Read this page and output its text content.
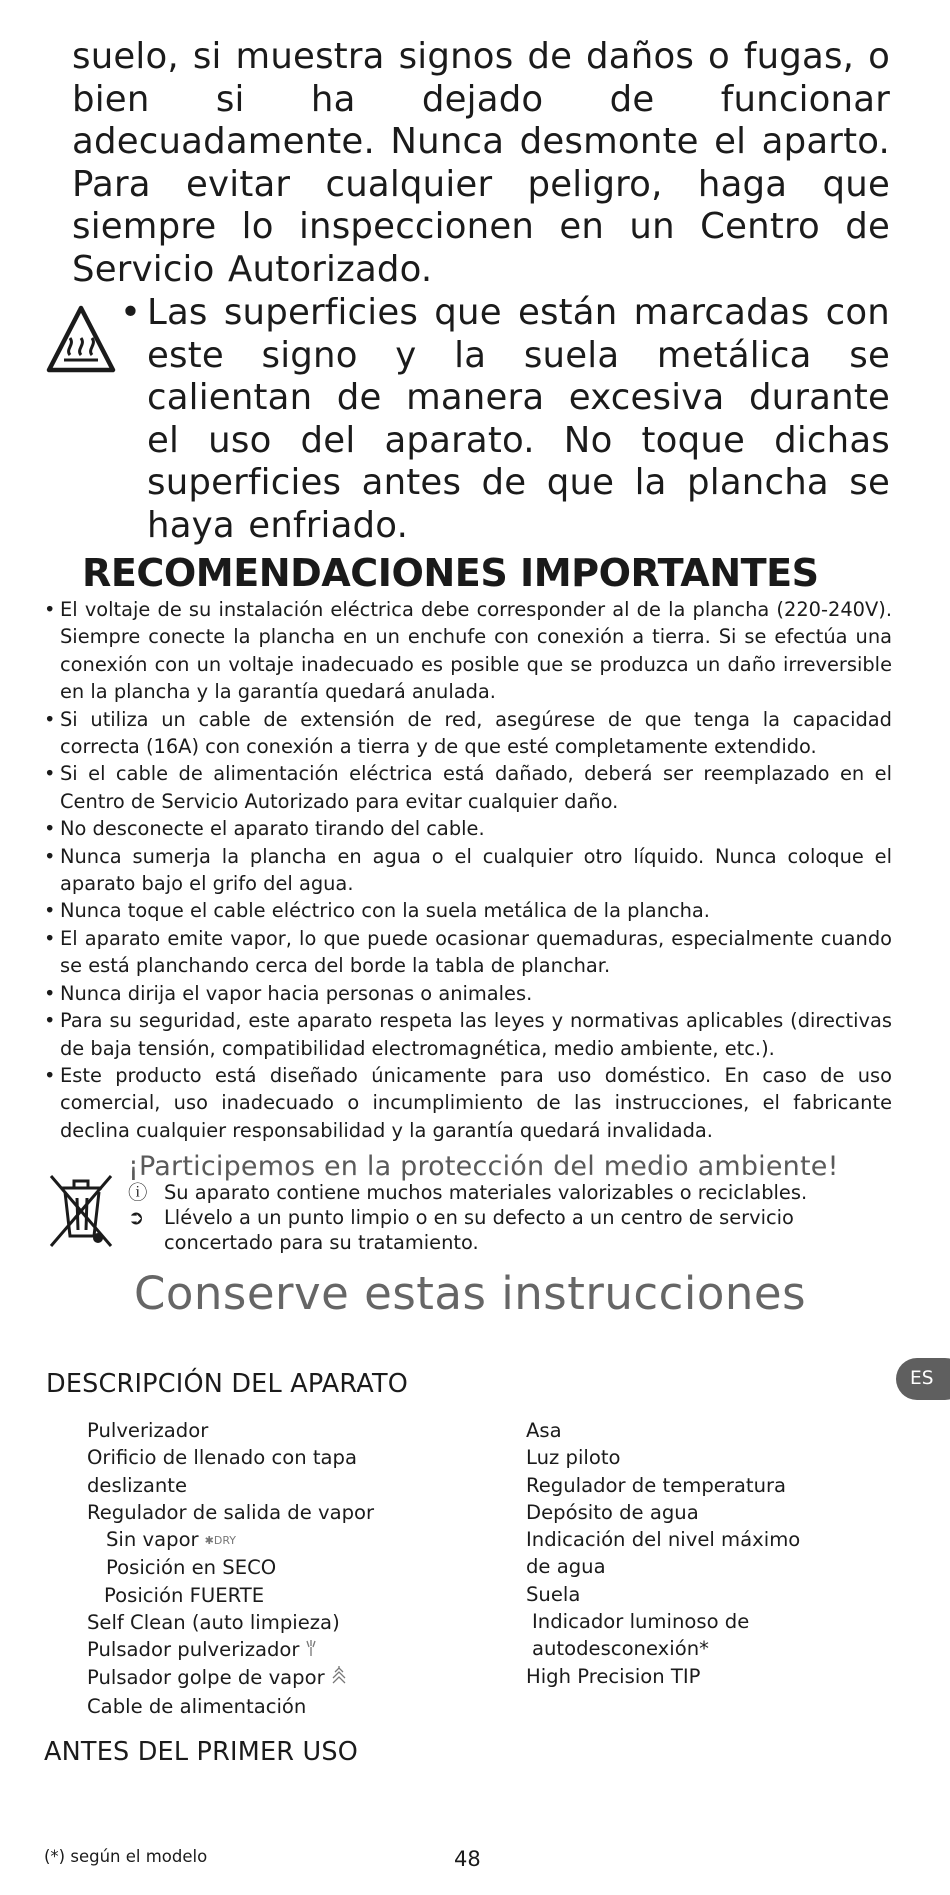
suelo, si muestra signos de daños o fugas, o bien si ha dejado de funcionar adecuadamente. Nunca desmonte el aparto. Para evitar cualquier peligro, haga que siempre lo inspeccionen en un Centro de Servicio Autorizado.
• Las superficies que están marcadas con este signo y la suela metálica se calientan de manera excesiva durante el uso del aparato. No toque dichas superficies antes de que la plancha se haya enfriado.
RECOMENDACIONES IMPORTANTES
• El voltaje de su instalación eléctrica debe corresponder al de la plancha (220-240V). Siempre conecte la plancha en un enchufe con conexión a tierra. Si se efectúa una conexión con un voltaje inadecuado es posible que se produzca un daño irreversible en la plancha y la garantía quedará anulada.
• Si utiliza un cable de extensión de red, asegúrese de que tenga la capacidad correcta (16A) con conexión a tierra y de que esté completamente extendido.
• Si el cable de alimentación eléctrica está dañado, deberá ser reemplazado en el Centro de Servicio Autorizado para evitar cualquier daño.
• No desconecte el aparato tirando del cable.
• Nunca sumerja la plancha en agua o el cualquier otro líquido. Nunca coloque el aparato bajo el grifo del agua.
• Nunca toque el cable eléctrico con la suela metálica de la plancha.
• El aparato emite vapor, lo que puede ocasionar quemaduras, especialmente cuando se está planchando cerca del borde la tabla de planchar.
• Nunca dirija el vapor hacia personas o animales.
• Para su seguridad, este aparato respeta las leyes y normativas aplicables (directivas de baja tensión, compatibilidad electromagnética, medio ambiente, etc.).
• Este producto está diseñado únicamente para uso doméstico. En caso de uso comercial, uso inadecuado o incumplimiento de las instrucciones, el fabricante declina cualquier responsabilidad y la garantía quedará invalidada.
¡Participemos en la protección del medio ambiente!
ⓘ Su aparato contiene muchos materiales valorizables o reciclables.
➲ Llévelo a un punto limpio o en su defecto a un centro de servicio
concertado para su tratamiento.
Conserve estas instrucciones
DESCRIPCIÓN DEL APARATO	ES
Pulverizador
Orificio de llenado con tapa
deslizante
Regulador de salida de vapor
Sin vapor ✱DRY
Posición en SECO
Posición FUERTE
Self Clean (auto limpieza)
Pulsador pulverizador
Pulsador golpe de vapor
Cable de alimentación
Asa
Luz piloto
Regulador de temperatura
Depósito de agua
Indicación del nivel máximo
de agua
Suela
Indicador luminoso de
autodesconexión*
High Precision TIP
ANTES DEL PRIMER USO
(*) según el modelo	48
